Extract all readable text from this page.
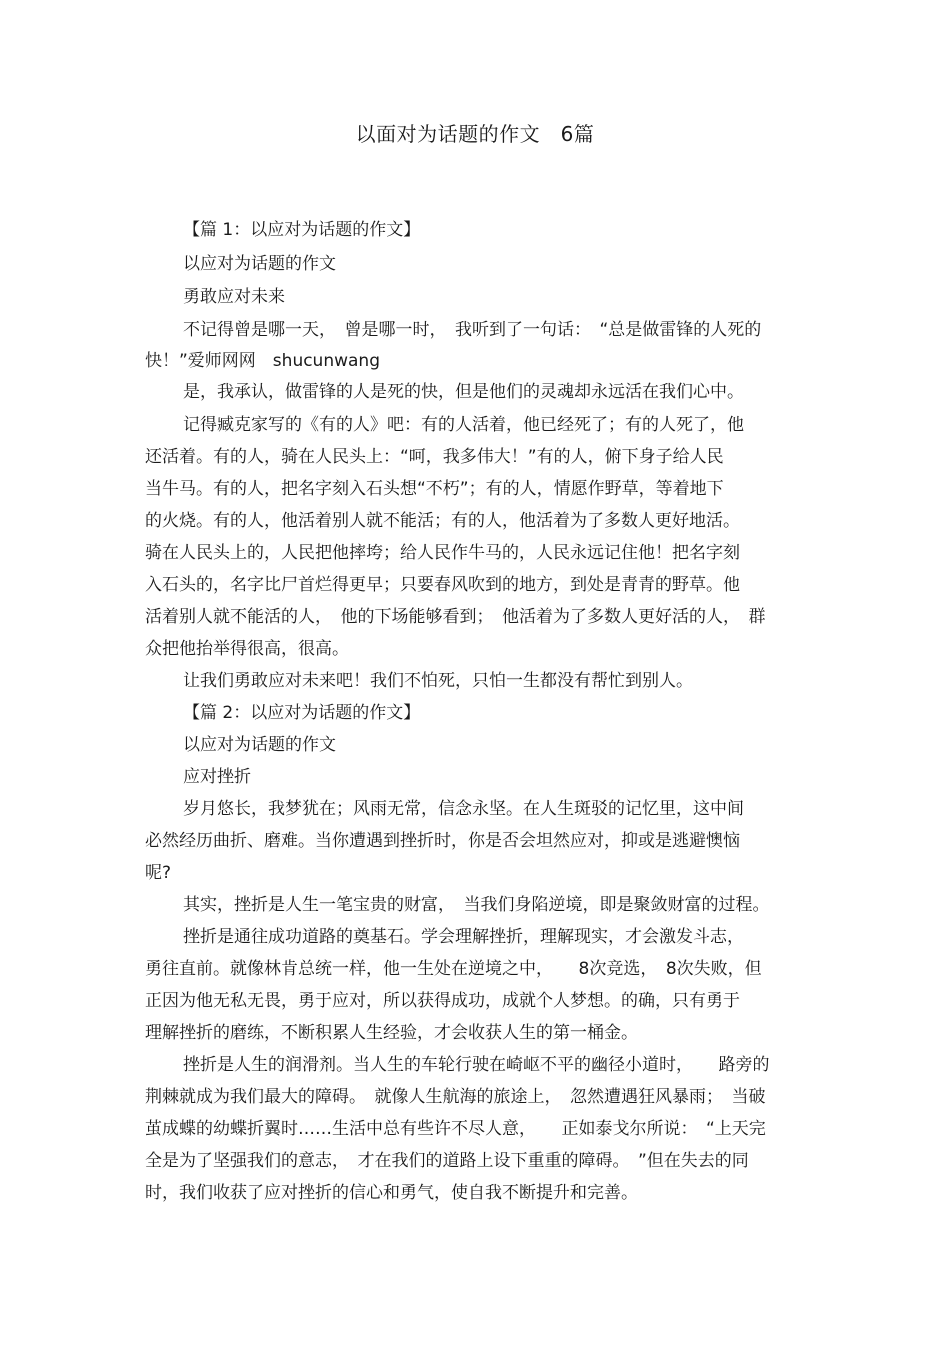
以面对为话题的作文　6篇
【篇 1：以应对为话题的作文】
以应对为话题的作文
勇敢应对未来
不记得曾是哪一天，　曾是哪一时，　我听到了一句话：　“总是做雷锋的人死的
快！”爱师网网　shucunwang
是，我承认，做雷锋的人是死的快，但是他们的灵魂却永远活在我们心中。
记得臧克家写的《有的人》吧：有的人活着，他已经死了；有的人死了，他
还活着。有的人，骑在人民头上：“呵，我多伟大！”有的人，俯下身子给人民
当牛马。有的人，把名字刻入石头想“不朽”；有的人，情愿作野草，等着地下
的火烧。有的人，他活着别人就不能活；有的人，他活着为了多数人更好地活。
骑在人民头上的，人民把他摔垮；给人民作牛马的，人民永远记住他！把名字刻
入石头的，名字比尸首烂得更早；只要春风吹到的地方，到处是青青的野草。他
活着别人就不能活的人，　他的下场能够看到；　他活着为了多数人更好活的人，　群
众把他抬举得很高，很高。
让我们勇敢应对未来吧！我们不怕死，只怕一生都没有帮忙到别人。
【篇 2：以应对为话题的作文】
以应对为话题的作文
应对挫折
岁月悠长，我梦犹在；风雨无常，信念永坚。在人生斑驳的记忆里，这中间
必然经历曲折、磨难。当你遭遇到挫折时，你是否会坦然应对，抑或是逃避懊恼
呢?
其实，挫折是人生一笔宝贵的财富，　当我们身陷逆境，即是聚敛财富的过程。
挫折是通往成功道路的奠基石。学会理解挫折，理解现实，才会激发斗志，
勇往直前。就像林肯总统一样，他一生处在逆境之中，　　8次竞选，　8次失败，但
正因为他无私无畏，勇于应对，所以获得成功，成就个人梦想。的确，只有勇于
理解挫折的磨练，不断积累人生经验，才会收获人生的第一桶金。
挫折是人生的润滑剂。当人生的车轮行驶在崎岖不平的幽径小道时，　　路旁的
荆棘就成为我们最大的障碍。　就像人生航海的旅途上，　忽然遭遇狂风暴雨；　当破
茧成蝶的幼蝶折翼时……生活中总有些许不尽人意，　　正如泰戈尔所说：　“上天完
全是为了坚强我们的意志，　才在我们的道路上设下重重的障碍。　”但在失去的同
时，我们收获了应对挫折的信心和勇气，使自我不断提升和完善。
